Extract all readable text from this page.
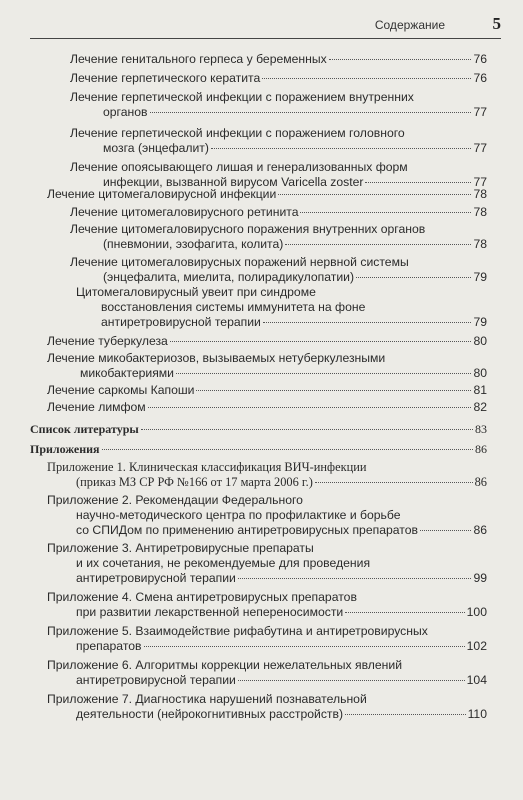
Содержание	5
Лечение генитального герпеса у беременных	76
Лечение герпетического кератита	76
Лечение герпетической инфекции с поражением внутренних
органов	77
Лечение герпетической инфекции с поражением головного
мозга (энцефалит)	77
Лечение опоясывающего лишая и генерализованных форм
инфекции, вызванной вирусом Varicella zoster	77
Лечение цитомегаловирусной инфекции	78
Лечение цитомегаловирусного ретинита	78
Лечение цитомегаловирусного поражения внутренних органов
(пневмонии, эзофагита, колита)	78
Лечение цитомегаловирусных поражений нервной системы
(энцефалита, миелита, полирадикулопатии)	79
Цитомегаловирусный увеит при синдроме
восстановления системы иммунитета на фоне
антиретровирусной терапии	79
Лечение туберкулеза	80
Лечение микобактериозов, вызываемых нетуберкулезными
микобактериями	80
Лечение саркомы Капоши	81
Лечение лимфом	82
Список литературы	83
Приложения	86
Приложение 1. Клиническая классификация ВИЧ-инфекции
(приказ МЗ СР РФ №166 от 17 марта 2006 г.)	86
Приложение 2. Рекомендации Федерального
научно-методического центра по профилактике и борьбе
со СПИДом по применению антиретровирусных препаратов	86
Приложение 3. Антиретровирусные препараты
и их сочетания, не рекомендуемые для проведения
антиретровирусной терапии	99
Приложение 4. Смена антиретровирусных препаратов
при развитии лекарственной непереносимости	100
Приложение 5. Взаимодействие рифабутина и антиретровирусных
препаратов	102
Приложение 6. Алгоритмы коррекции нежелательных явлений
антиретровирусной терапии	104
Приложение 7. Диагностика нарушений познавательной
деятельности (нейрокогнитивных расстройств)	110
